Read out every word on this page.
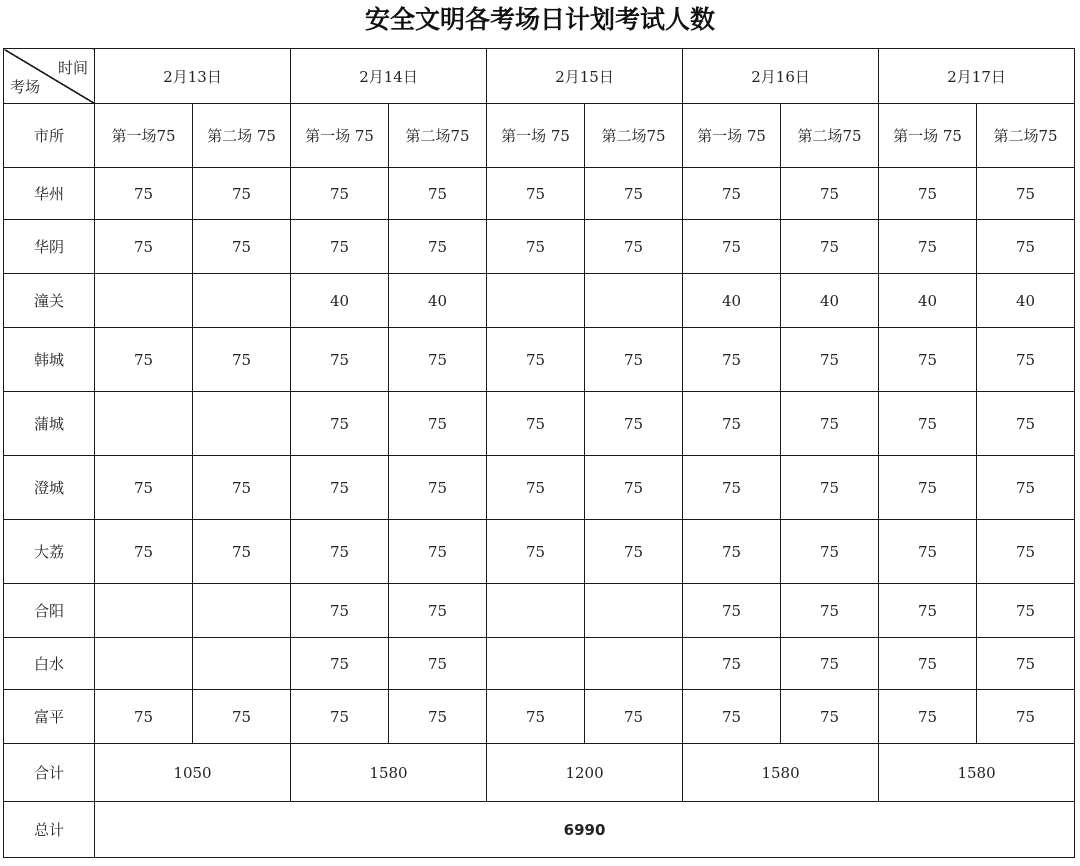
安全文明各考场日计划考试人数
时间
考场	2月13日		2月14日		2月15日		2月16日		2月17日	
市所	第一场75	第二场 75	第一场 75	第二场75	第一场 75	第二场75	第一场 75	第二场75	第一场 75	第二场75
华州	75	75	75	75	75	75	75	75	75	75
华阴	75	75	75	75	75	75	75	75	75	75
潼关			40	40			40	40	40	40
韩城	75	75	75	75	75	75	75	75	75	75
蒲城			75	75	75	75	75	75	75	75
澄城	75	75	75	75	75	75	75	75	75	75
大荔	75	75	75	75	75	75	75	75	75	75
合阳			75	75			75	75	75	75
白水			75	75			75	75	75	75
富平	75	75	75	75	75	75	75	75	75	75
合计	1050		1580		1200		1580		1580	
总计	6990									
